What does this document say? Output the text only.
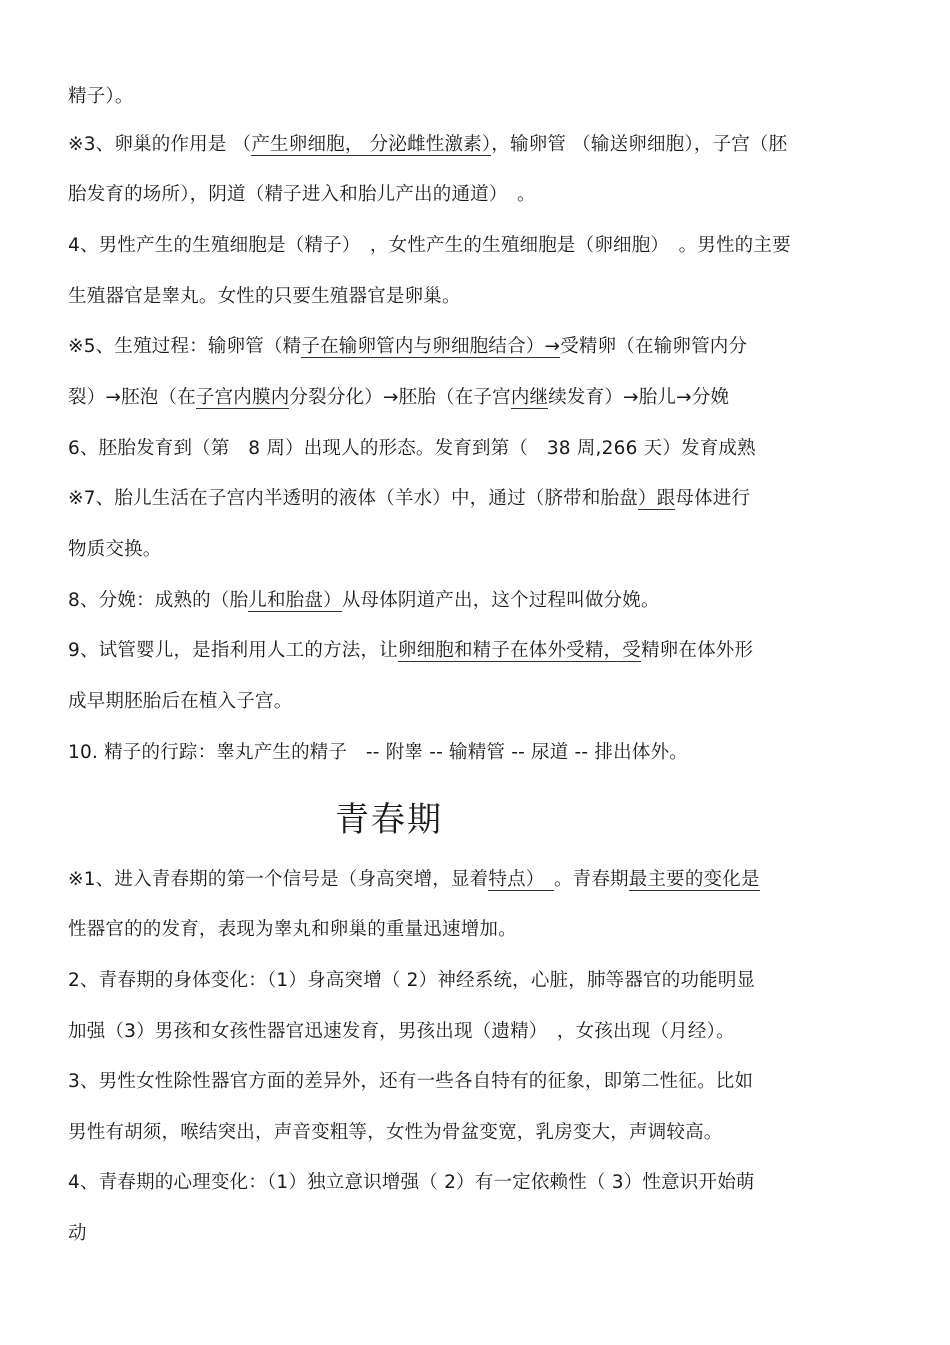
精子）。
※3、卵巢的作用是 （产生卵细胞， 分泌雌性激素），输卵管 （输送卵细胞），子宫（胚
胎发育的场所），阴道（精子进入和胎儿产出的通道）　。
4、男性产生的生殖细胞是（精子）　，女性产生的生殖细胞是（卵细胞）　。男性的主要
生殖器官是睾丸。女性的只要生殖器官是卵巢。
※5、生殖过程：输卵管（精子在输卵管内与卵细胞结合）→受精卵（在输卵管内分
裂）→胚泡（在子宫内膜内分裂分化）→胚胎（在子宫内继续发育）→胎儿→分娩
6、胚胎发育到（第　8 周）出现人的形态。发育到第（　38 周,266 天）发育成熟
※7、胎儿生活在子宫内半透明的液体（羊水）中，通过（脐带和胎盘）跟母体进行
物质交换。
8、分娩：成熟的（胎儿和胎盘）从母体阴道产出，这个过程叫做分娩。
9、试管婴儿，是指利用人工的方法，让卵细胞和精子在体外受精，受精卵在体外形
成早期胚胎后在植入子宫。
10. 精子的行踪：睾丸产生的精子　-- 附睾 -- 输精管 -- 尿道 -- 排出体外。
青春期
※1、进入青春期的第一个信号是（身高突增，显着特点）　。青春期最主要的变化是
性器官的的发育，表现为睾丸和卵巢的重量迅速增加。
2、青春期的身体变化：（1）身高突增（ 2）神经系统，心脏，肺等器官的功能明显
加强（3）男孩和女孩性器官迅速发育，男孩出现（遗精）　，女孩出现（月经）。
3、男性女性除性器官方面的差异外，还有一些各自特有的征象，即第二性征。比如
男性有胡须，喉结突出，声音变粗等，女性为骨盆变宽，乳房变大，声调较高。
4、青春期的心理变化：（1）独立意识增强（ 2）有一定依赖性（ 3）性意识开始萌
动
